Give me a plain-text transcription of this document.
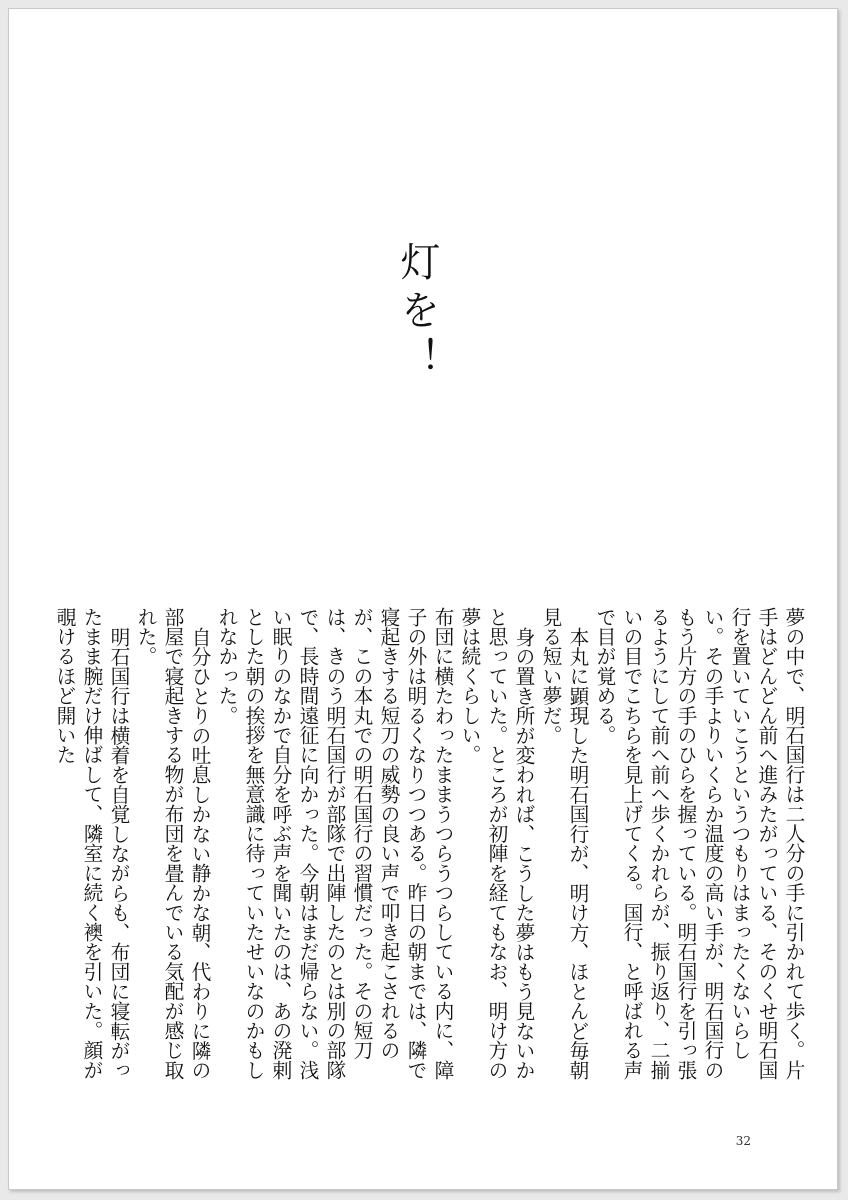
灯を！

夢の中で、明石国行は二人分の手に引かれて歩く。片手はどんどん前へ進みたがっている、そのくせ明石国行を置いていこうというつもりはまったくないらしい。その手よりいくらか温度の高い手が、明石国行のもう片方の手のひらを握っている。明石国行を引っ張るようにして前へ前へ歩くかれらが、振り返り、二揃いの目でこちらを見上げてくる。国行、と呼ばれる声で目が覚める。

本丸に顕現した明石国行が、明け方、ほとんど毎朝見る短い夢だ。

身の置き所が変われば、こうした夢はもう見ないかと思っていた。ところが初陣を経てもなお、明け方の夢は続くらしい。

布団に横たわったままうつらうつらしている内に、障子の外は明るくなりつつある。昨日の朝までは、隣で寝起きする短刀の威勢の良い声で叩き起こされるのが、この本丸での明石国行の習慣だった。その短刀は、きのう明石国行が部隊で出陣したのとは別の部隊で、長時間遠征に向かった。今朝はまだ帰らない。浅い眠りのなかで自分を呼ぶ声を聞いたのは、あの溌剌とした朝の挨拶を無意識に待っていたせいなのかもしれなかった。

自分ひとりの吐息しかない静かな朝、代わりに隣の部屋で寝起きする物が布団を畳んでいる気配が感じ取れた。

明石国行は横着を自覚しながらも、布団に寝転がったまま腕だけ伸ばして、隣室に続く襖を引いた。顔が覗けるほど開いた

32
